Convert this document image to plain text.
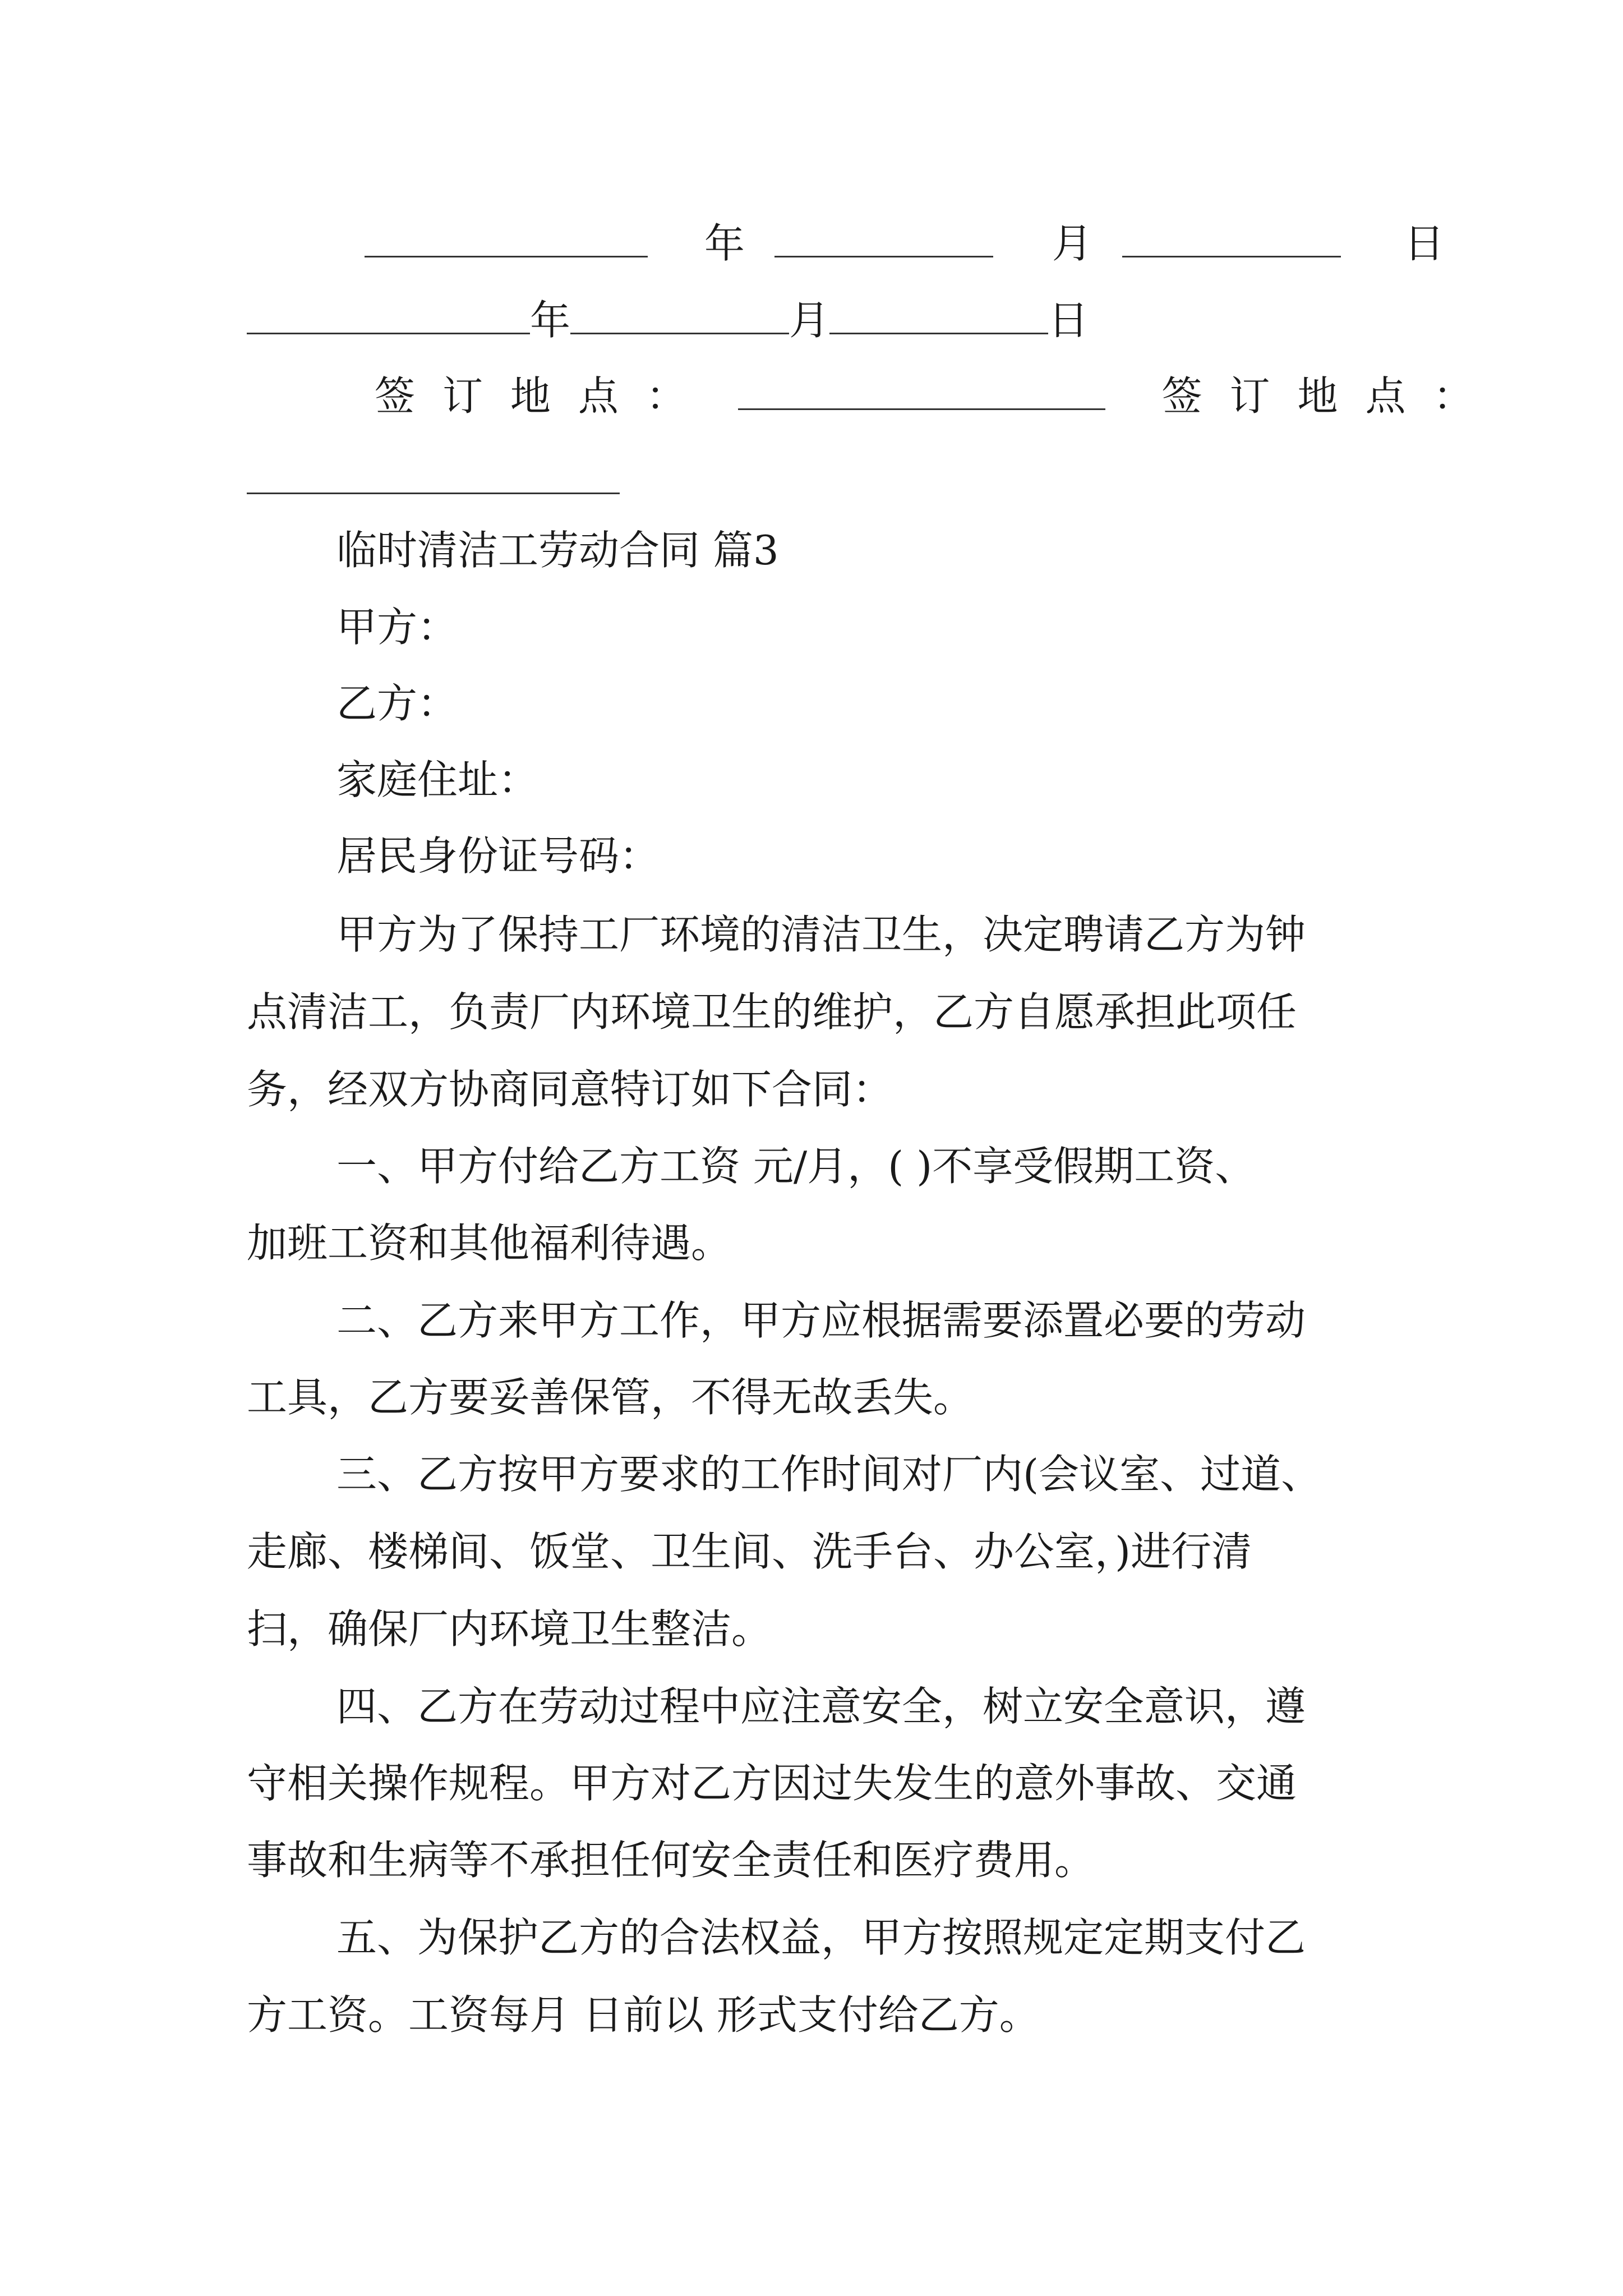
年	月	日
年	月	日
签订地点：	签订地点：
临时清洁工劳动合同 篇3
甲方：
乙方：
家庭住址：
居民身份证号码：
甲方为了保持工厂环境的清洁卫生，决定聘请乙方为钟
点清洁工，负责厂内环境卫生的维护，乙方自愿承担此项任
务，经双方协商同意特订如下合同：
一、甲方付给乙方工资 元/月，( )不享受假期工资、
加班工资和其他福利待遇。
二、乙方来甲方工作，甲方应根据需要添置必要的劳动
工具，乙方要妥善保管，不得无故丢失。
三、乙方按甲方要求的工作时间对厂内(会议室、过道、
走廊、楼梯间、饭堂、卫生间、洗手台、办公室，)进行清
扫，确保厂内环境卫生整洁。
四、乙方在劳动过程中应注意安全，树立安全意识，遵
守相关操作规程。甲方对乙方因过失发生的意外事故、交通
事故和生病等不承担任何安全责任和医疗费用。
五、为保护乙方的合法权益，甲方按照规定定期支付乙
方工资。工资每月 日前以 形式支付给乙方。
